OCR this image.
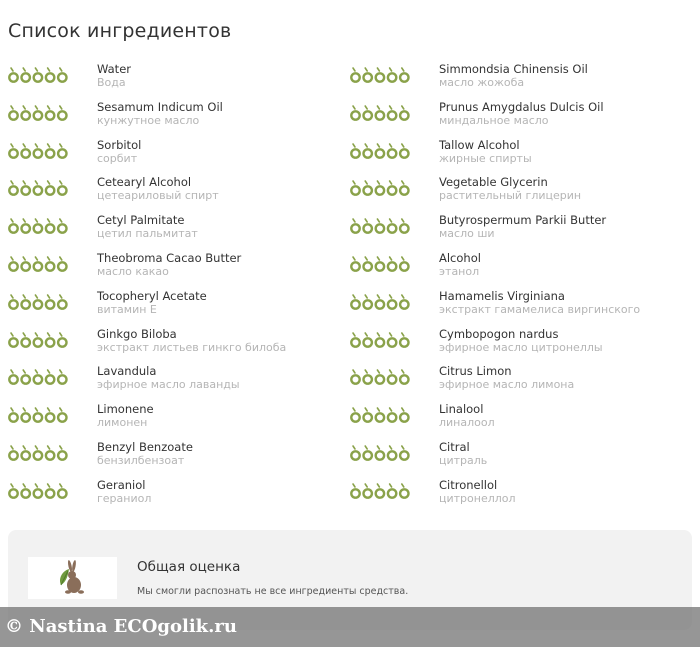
Список ингредиентов
Water
Вода
Simmondsia Chinensis Oil
масло жожоба
Sesamum Indicum Oil
кунжутное масло
Prunus Amygdalus Dulcis Oil
миндальное масло
Sorbitol
сорбит
Tallow Alcohol
жирные спирты
Cetearyl Alcohol
цетеариловый спирт
Vegetable Glycerin
растительный глицерин
Cetyl Palmitate
цетил пальмитат
Butyrospermum Parkii Butter
масло ши
Theobroma Cacao Butter
масло какао
Alcohol
этанол
Tocopheryl Acetate
витамин Е
Hamamelis Virginiana
экстракт гамамелиса виргинского
Ginkgo Biloba
экстракт листьев гинкго билоба
Cymbopogon nardus
эфирное масло цитронеллы
Lavandula
эфирное масло лаванды
Citrus Limon
эфирное масло лимона
Limonene
лимонен
Linalool
линалоол
Benzyl Benzoate
бензилбензоат
Citral
цитраль
Geraniol
гераниол
Citronellol
цитронеллол
Общая оценка
Мы смогли распознать не все ингредиенты средства.
© Nastina ECOgolik.ru
